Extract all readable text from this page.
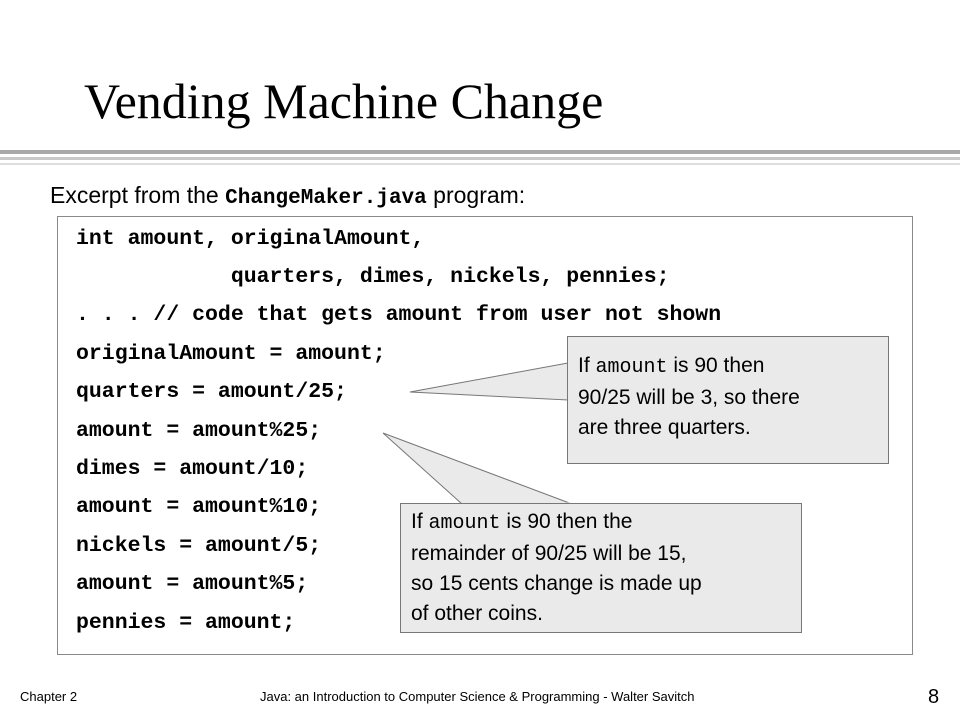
Vending Machine Change
Excerpt from the ChangeMaker.java program:
int amount, originalAmount,
quarters, dimes, nickels, pennies;
. . . // code that gets amount from user not shown
originalAmount = amount;
quarters = amount/25;
amount = amount%25;
dimes = amount/10;
amount = amount%10;
nickels = amount/5;
amount = amount%5;
pennies = amount;
If amount is 90 then
90/25 will be 3, so there
are three quarters.
If amount is 90 then the
remainder of 90/25 will be 15,
so 15 cents change is made up
of other coins.
Chapter 2	Java: an Introduction to Computer Science & Programming - Walter Savitch	8
